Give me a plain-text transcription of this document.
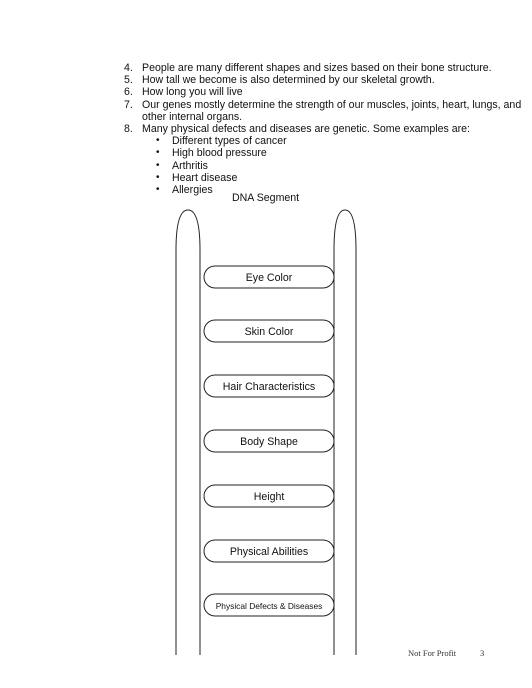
4. People are many different shapes and sizes based on their bone structure.
5. How tall we become is also determined by our skeletal growth.
6. How long you will live
7. Our genes mostly determine the strength of our muscles, joints, heart, lungs, and other internal organs.
8. Many physical defects and diseases are genetic. Some examples are:
•	Different types of cancer
•	High blood pressure
•	Arthritis
•	Heart disease
•	Allergies
DNA Segment
Eye Color
Skin Color
Hair Characteristics
Body Shape
Height
Physical Abilities
Physical Defects & Diseases
Not For Profit	3
